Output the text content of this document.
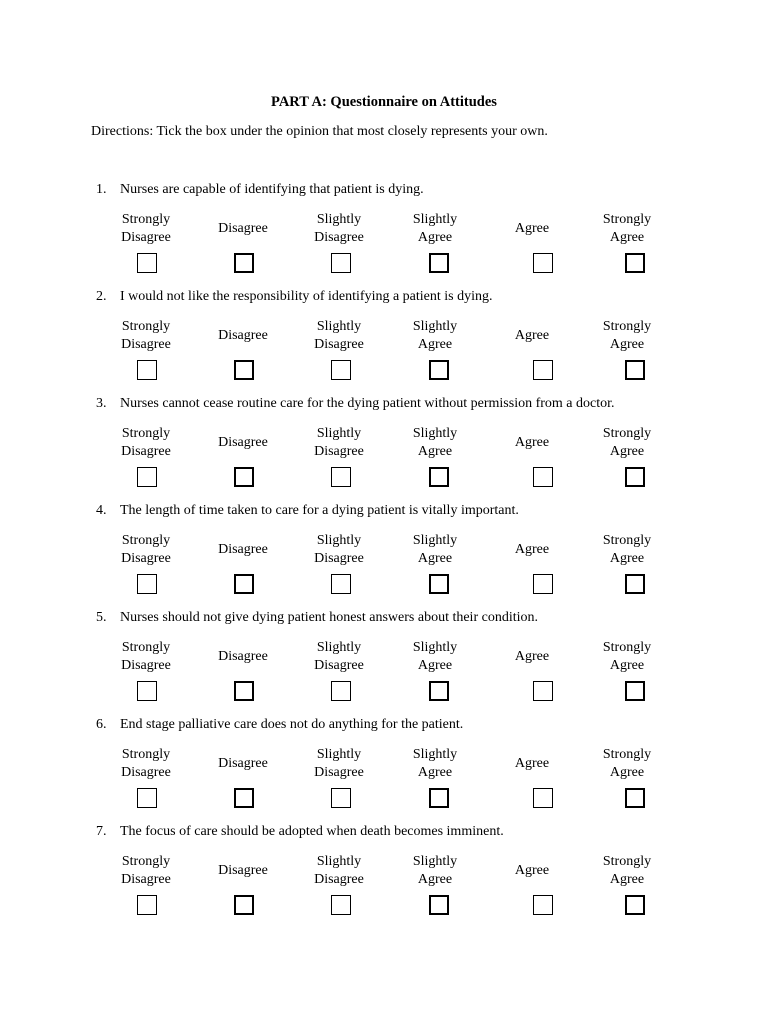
PART A: Questionnaire on Attitudes
Directions: Tick the box under the opinion that most closely represents your own.
1. Nurses are capable of identifying that patient is dying.
Strongly
Disagree
Disagree
Slightly
Disagree
Slightly
Agree
Agree
Strongly
Agree
2. I would not like the responsibility of identifying a patient is dying.
Strongly
Disagree
Disagree
Slightly
Disagree
Slightly
Agree
Agree
Strongly
Agree
3. Nurses cannot cease routine care for the dying patient without permission from a doctor.
Strongly
Disagree
Disagree
Slightly
Disagree
Slightly
Agree
Agree
Strongly
Agree
4. The length of time taken to care for a dying patient is vitally important.
Strongly
Disagree
Disagree
Slightly
Disagree
Slightly
Agree
Agree
Strongly
Agree
5. Nurses should not give dying patient honest answers about their condition.
Strongly
Disagree
Disagree
Slightly
Disagree
Slightly
Agree
Agree
Strongly
Agree
6. End stage palliative care does not do anything for the patient.
Strongly
Disagree
Disagree
Slightly
Disagree
Slightly
Agree
Agree
Strongly
Agree
7. The focus of care should be adopted when death becomes imminent.
Strongly
Disagree
Disagree
Slightly
Disagree
Slightly
Agree
Agree
Strongly
Agree
